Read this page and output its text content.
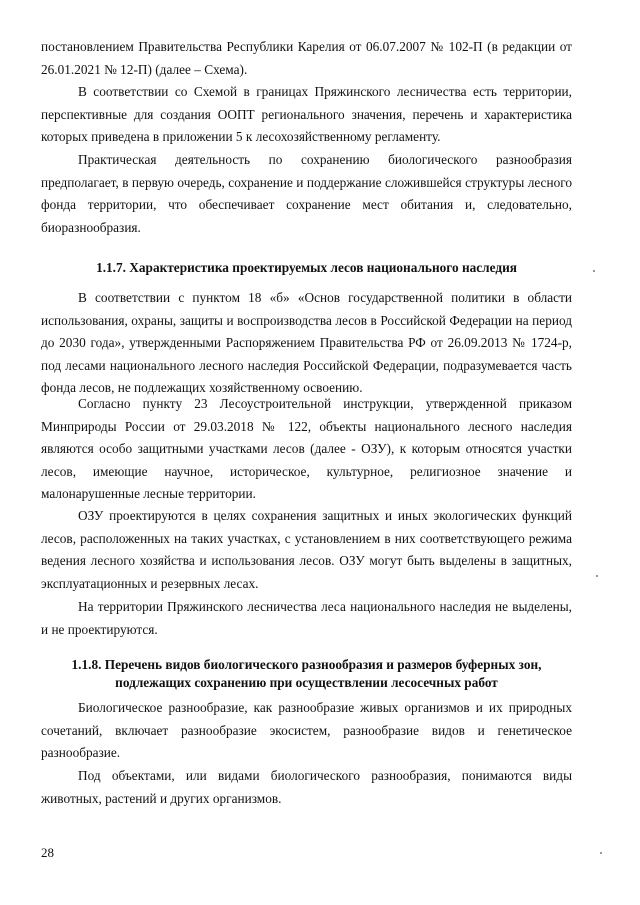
постановлением Правительства Республики Карелия от 06.07.2007 № 102-П (в редакции от 26.01.2021 № 12-П) (далее – Схема).

В соответствии со Схемой в границах Пряжинского лесничества есть территории, перспективные для создания ООПТ регионального значения, перечень и характеристика которых приведена в приложении 5 к лесохозяйственному регламенту.

Практическая деятельность по сохранению биологического разнообразия предполагает, в первую очередь, сохранение и поддержание сложившейся структуры лесного фонда территории, что обеспечивает сохранение мест обитания и, следовательно, биоразнообразия.

1.1.7. Характеристика проектируемых лесов национального наследия

В соответствии с пунктом 18 «б» «Основ государственной политики в области использования, охраны, защиты и воспроизводства лесов в Российской Федерации на период до 2030 года», утвержденными Распоряжением Правительства РФ от 26.09.2013 № 1724-р, под лесами национального лесного наследия Российской Федерации, подразумевается часть фонда лесов, не подлежащих хозяйственному освоению.

Согласно пункту 23 Лесоустроительной инструкции, утвержденной приказом Минприроды России от 29.03.2018 № 122, объекты национального лесного наследия являются особо защитными участками лесов (далее - ОЗУ), к которым относятся участки лесов, имеющие научное, историческое, культурное, религиозное значение и малонарушенные лесные территории.

ОЗУ проектируются в целях сохранения защитных и иных экологических функций лесов, расположенных на таких участках, с установлением в них соответствующего режима ведения лесного хозяйства и использования лесов. ОЗУ могут быть выделены в защитных, эксплуатационных и резервных лесах.

На территории Пряжинского лесничества леса национального наследия не выделены, и не проектируются.

1.1.8. Перечень видов биологического разнообразия и размеров буферных зон,
подлежащих сохранению при осуществлении лесосечных работ

Биологическое разнообразие, как разнообразие живых организмов и их природных сочетаний, включает разнообразие экосистем, разнообразие видов и генетическое разнообразие.

Под объектами, или видами биологического разнообразия, понимаются виды животных, растений и других организмов.

28
